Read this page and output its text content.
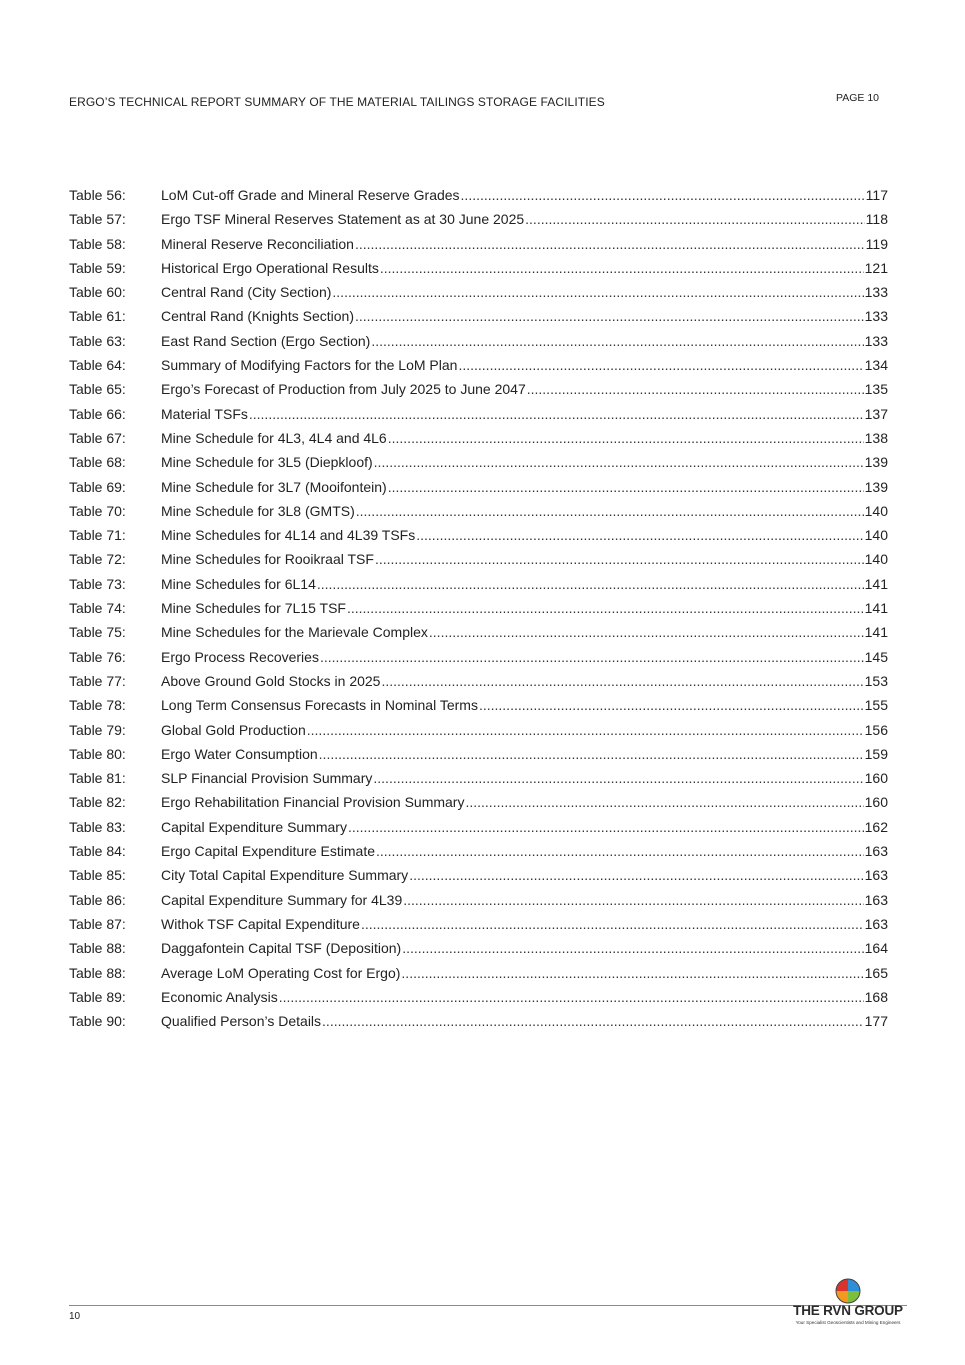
ERGO’S TECHNICAL REPORT SUMMARY OF THE MATERIAL TAILINGS STORAGE FACILITIES	PAGE 10
Table 56:	LoM Cut-off Grade and Mineral Reserve Grades .....	117
Table 57:	Ergo TSF Mineral Reserves Statement as at 30 June 2025 .....	118
Table 58:	Mineral Reserve Reconciliation .....	119
Table 59:	Historical Ergo Operational Results .....	121
Table 60:	Central Rand (City Section) .....	133
Table 61:	Central Rand (Knights Section) .....	133
Table 63:	East Rand Section (Ergo Section) .....	133
Table 64:	Summary of Modifying Factors for the LoM Plan .....	134
Table 65:	Ergo’s Forecast of Production from July 2025 to June 2047 .....	135
Table 66:	Material TSFs .....	137
Table 67:	Mine Schedule for 4L3, 4L4 and 4L6 .....	138
Table 68:	Mine Schedule for 3L5 (Diepkloof) .....	139
Table 69:	Mine Schedule for 3L7 (Mooifontein) .....	139
Table 70:	Mine Schedule for 3L8 (GMTS) .....	140
Table 71:	Mine Schedules for 4L14 and 4L39 TSFs .....	140
Table 72:	Mine Schedules for Rooikraal TSF .....	140
Table 73:	Mine Schedules for 6L14 .....	141
Table 74:	Mine Schedules for 7L15 TSF .....	141
Table 75:	Mine Schedules for the Marievale Complex .....	141
Table 76:	Ergo Process Recoveries .....	145
Table 77:	Above Ground Gold Stocks in 2025 .....	153
Table 78:	Long Term Consensus Forecasts in Nominal Terms .....	155
Table 79:	Global Gold Production .....	156
Table 80:	Ergo Water Consumption .....	159
Table 81:	SLP Financial Provision Summary .....	160
Table 82:	Ergo Rehabilitation Financial Provision Summary .....	160
Table 83:	Capital Expenditure Summary .....	162
Table 84:	Ergo Capital Expenditure Estimate .....	163
Table 85:	City Total Capital Expenditure Summary .....	163
Table 86:	Capital Expenditure Summary for 4L39 .....	163
Table 87:	Withok TSF Capital Expenditure .....	163
Table 88:	Daggafontein Capital TSF (Deposition) .....	164
Table 88:	Average LoM Operating Cost for Ergo) .....	165
Table 89:	Economic Analysis .....	168
Table 90:	Qualified Person’s Details .....	177
10	THE RVN GROUP
Your Specialist Geoscientists and Mining Engineers
